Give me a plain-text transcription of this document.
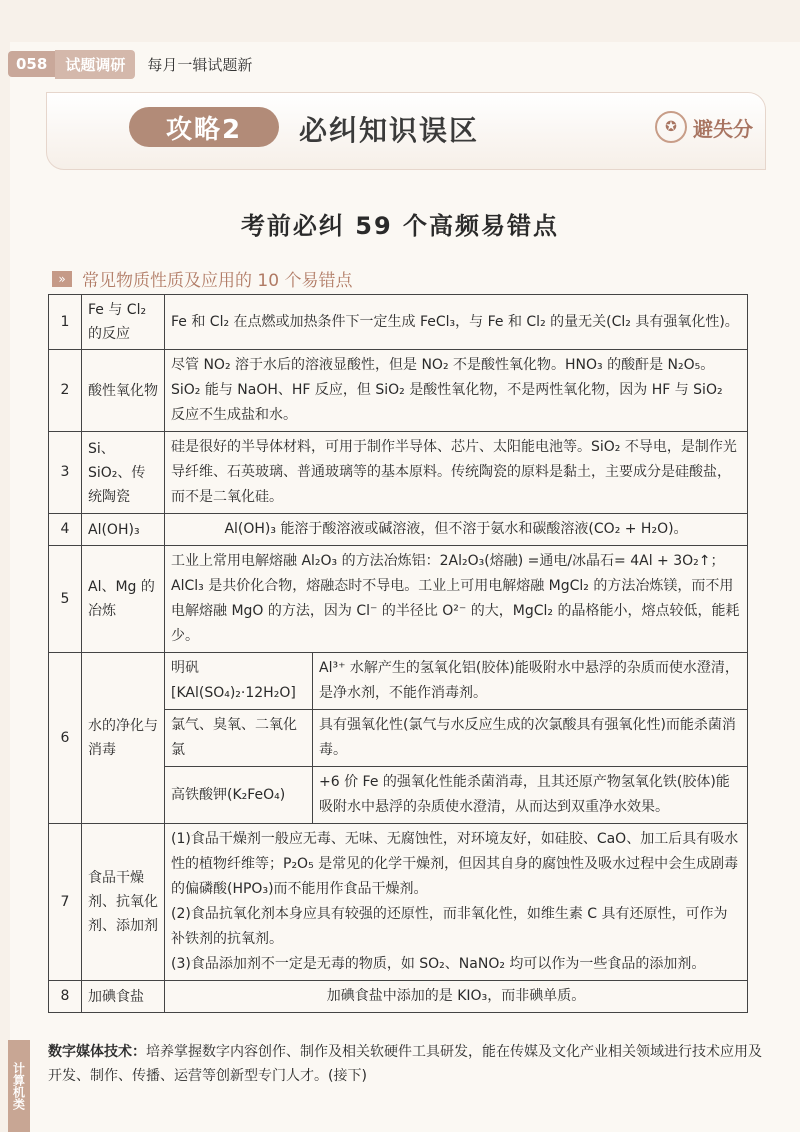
058	试题调研	每月一辑试题新
攻略2	必纠知识误区	✪ 避失分
考前必纠 59 个高频易错点
» 常见物质性质及应用的 10 个易错点
1	Fe 与 Cl₂ 的反应	Fe 和 Cl₂ 在点燃或加热条件下一定生成 FeCl₃，与 Fe 和 Cl₂ 的量无关(Cl₂ 具有强氧化性)。
2	酸性氧化物	尽管 NO₂ 溶于水后的溶液显酸性，但是 NO₂ 不是酸性氧化物。HNO₃ 的酸酐是 N₂O₅。SiO₂ 能与 NaOH、HF 反应，但 SiO₂ 是酸性氧化物，不是两性氧化物，因为 HF 与 SiO₂ 反应不生成盐和水。
3	Si、SiO₂、传统陶瓷	硅是很好的半导体材料，可用于制作半导体、芯片、太阳能电池等。SiO₂ 不导电，是制作光导纤维、石英玻璃、普通玻璃等的基本原料。传统陶瓷的原料是黏土，主要成分是硅酸盐，而不是二氧化硅。
4	Al(OH)₃	Al(OH)₃ 能溶于酸溶液或碱溶液，但不溶于氨水和碳酸溶液(CO₂ + H₂O)。
5	Al、Mg 的冶炼	工业上常用电解熔融 Al₂O₃ 的方法冶炼铝：2Al₂O₃(熔融) =通电/冰晶石= 4Al + 3O₂↑；AlCl₃ 是共价化合物，熔融态时不导电。工业上可用电解熔融 MgCl₂ 的方法冶炼镁，而不用电解熔融 MgO 的方法，因为 Cl⁻ 的半径比 O²⁻ 的大，MgCl₂ 的晶格能小，熔点较低，能耗少。
6	水的净化与消毒	
明矾[KAl(SO₄)₂·12H₂O]	Al³⁺ 水解产生的氢氧化铝(胶体)能吸附水中悬浮的杂质而使水澄清，是净水剂，不能作消毒剂。
氯气、臭氧、二氧化氯	具有强氧化性(氯气与水反应生成的次氯酸具有强氧化性)而能杀菌消毒。
高铁酸钾(K₂FeO₄)	+6 价 Fe 的强氧化性能杀菌消毒，且其还原产物氢氧化铁(胶体)能吸附水中悬浮的杂质使水澄清，从而达到双重净水效果。

7	食品干燥剂、抗氧化剂、添加剂	
(1)食品干燥剂一般应无毒、无味、无腐蚀性，对环境友好，如硅胶、CaO、加工后具有吸水性的植物纤维等；P₂O₅ 是常见的化学干燥剂，但因其自身的腐蚀性及吸水过程中会生成剧毒的偏磷酸(HPO₃)而不能用作食品干燥剂。
(2)食品抗氧化剂本身应具有较强的还原性，而非氧化性，如维生素 C 具有还原性，可作为补铁剂的抗氧剂。
(3)食品添加剂不一定是无毒的物质，如 SO₂、NaNO₂ 均可以作为一些食品的添加剂。

8	加碘食盐	加碘食盐中添加的是 KIO₃，而非碘单质。
计算机类
数字媒体技术：培养掌握数字内容创作、制作及相关软硬件工具研发，能在传媒及文化产业相关领域进行技术应用及开发、制作、传播、运营等创新型专门人才。(接下)
